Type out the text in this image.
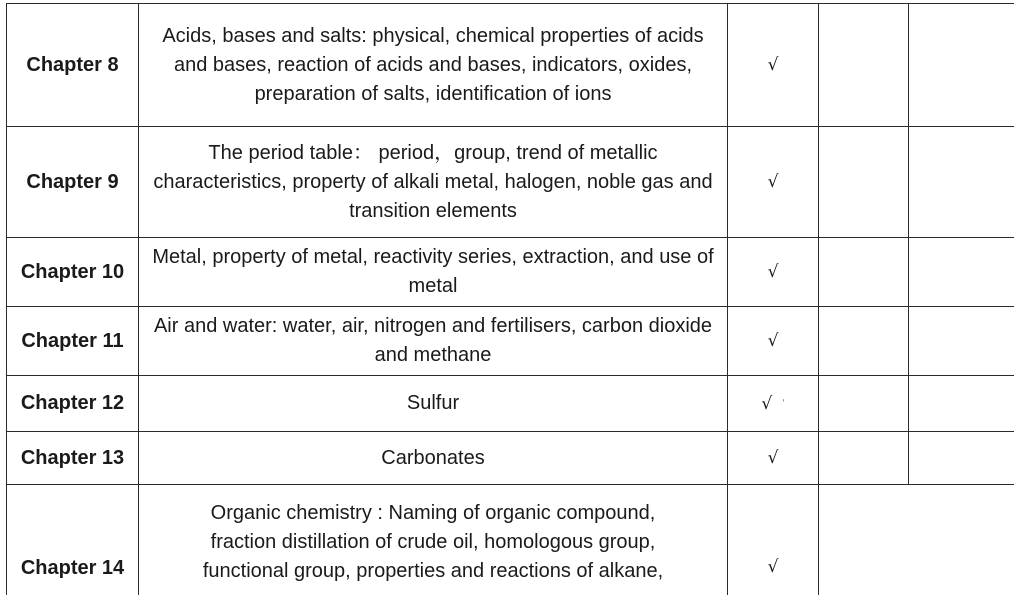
Chapter 8	Acids, bases and salts: physical, chemical properties of acids and bases, reaction of acids and bases, indicators, oxides, preparation of salts, identification of ions	√		
Chapter 9	The period table： period，group, trend of metallic characteristics, property of alkali metal, halogen, noble gas and transition elements	√		
Chapter 10	Metal, property of metal, reactivity series, extraction, and use of metal	√		
Chapter 11	Air and water: water, air, nitrogen and fertilisers, carbon dioxide and methane	√		
Chapter 12	Sulfur	√ ˈ		
Chapter 13	Carbonates	√		
Chapter 14	Organic chemistry : Naming of organic compound,
fraction distillation of crude oil, homologous group,
functional group, properties and reactions of alkane,	√		
